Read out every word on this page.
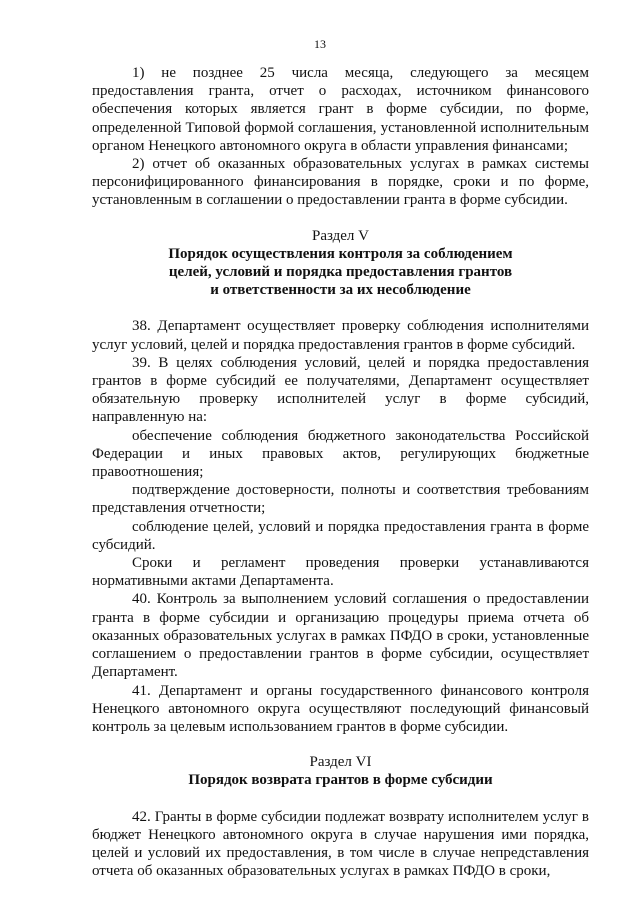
13

1) не позднее 25 числа месяца, следующего за месяцем предоставления гранта, отчет о расходах, источником финансового обеспечения которых является грант в форме субсидии, по форме, определенной Типовой формой соглашения, установленной исполнительным органом Ненецкого автономного округа в области управления финансами;

2) отчет об оказанных образовательных услугах в рамках системы персонифицированного финансирования в порядке, сроки и по форме, установленным в соглашении о предоставлении гранта в форме субсидии.

Раздел V

Порядок осуществления контроля за соблюдением

целей, условий и порядка предоставления грантов

и ответственности за их несоблюдение

38. Департамент осуществляет проверку соблюдения исполнителями услуг условий, целей и порядка предоставления грантов в форме субсидий.

39. В целях соблюдения условий, целей и порядка предоставления грантов в форме субсидий ее получателями, Департамент осуществляет обязательную проверку исполнителей услуг в форме субсидий, направленную на:

обеспечение соблюдения бюджетного законодательства Российской Федерации и иных правовых актов, регулирующих бюджетные правоотношения;

подтверждение достоверности, полноты и соответствия требованиям представления отчетности;

соблюдение целей, условий и порядка предоставления гранта в форме субсидий.

Сроки и регламент проведения проверки устанавливаются нормативными актами Департамента.

40. Контроль за выполнением условий соглашения о предоставлении гранта в форме субсидии и организацию процедуры приема отчета об оказанных образовательных услугах в рамках ПФДО в сроки, установленные соглашением о предоставлении грантов в форме субсидии, осуществляет Департамент.

41. Департамент и органы государственного финансового контроля Ненецкого автономного округа осуществляют последующий финансовый контроль за целевым использованием грантов в форме субсидии.

Раздел VI

Порядок возврата грантов в форме субсидии

42. Гранты в форме субсидии подлежат возврату исполнителем услуг в бюджет Ненецкого автономного округа в случае нарушения ими порядка, целей и условий их предоставления, в том числе в случае непредставления отчета об оказанных образовательных услугах в рамках ПФДО в сроки,
